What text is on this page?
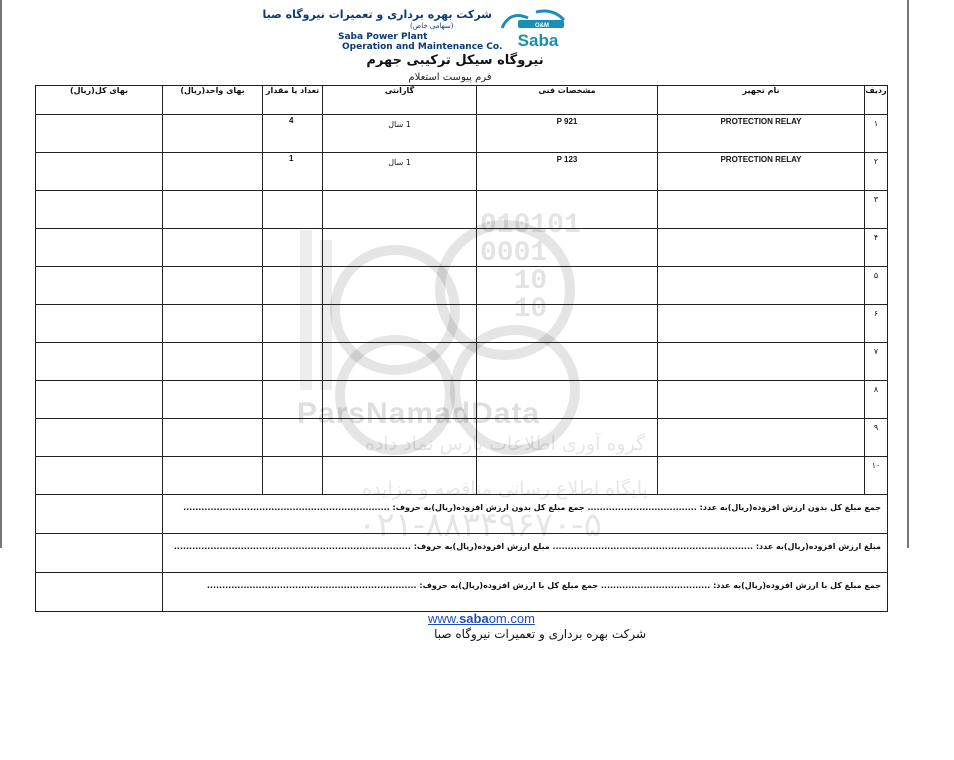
شرکت بهره برداری و تعمیرات نیروگاه صبا
(سهامی خاص)
Saba Power Plant
Operation and Maintenance Co.
O&M
Saba
نیروگاه سیکل ترکیبی جهرم
فرم پیوست استعلام
010101
0001
10
10
بهای کل(ریال)	بهای واحد(ریال)	تعداد یا مقدار	گارانتی	مشخصات فنی	نام تجهیز	ردیف
		4	1 سال	P 921	PROTECTION RELAY	۱
		1	1 سال	P 123	PROTECTION RELAY	۲
						۳
						۴
						۵
						۶
						۷
						۸
						۹
						۱۰
	جمع مبلغ کل بدون ارزش افزوده(ریال)به عدد: .................................... جمع مبلغ کل بدون ارزش افزوده(ریال)به حروف: ....................................................................					
	مبلغ ارزش افزوده(ریال)به عدد: .................................................................. مبلغ ارزش افزوده(ریال)به حروف: ..............................................................................					
	جمع مبلغ کل با ارزش افزوده(ریال)به عدد: .................................... جمع مبلغ کل با ارزش افزوده(ریال)به حروف: .....................................................................					
ParsNamadData
گروه آوری اطلاعات پارس نماد داده
پایگاه اطلاع رسانی مناقصه و مزایده
۰۲۱-۸۸۳۴۹۶۷۰-۵
www.sabaom.com
شرکت بهره برداری و تعمیرات نیروگاه صبا
